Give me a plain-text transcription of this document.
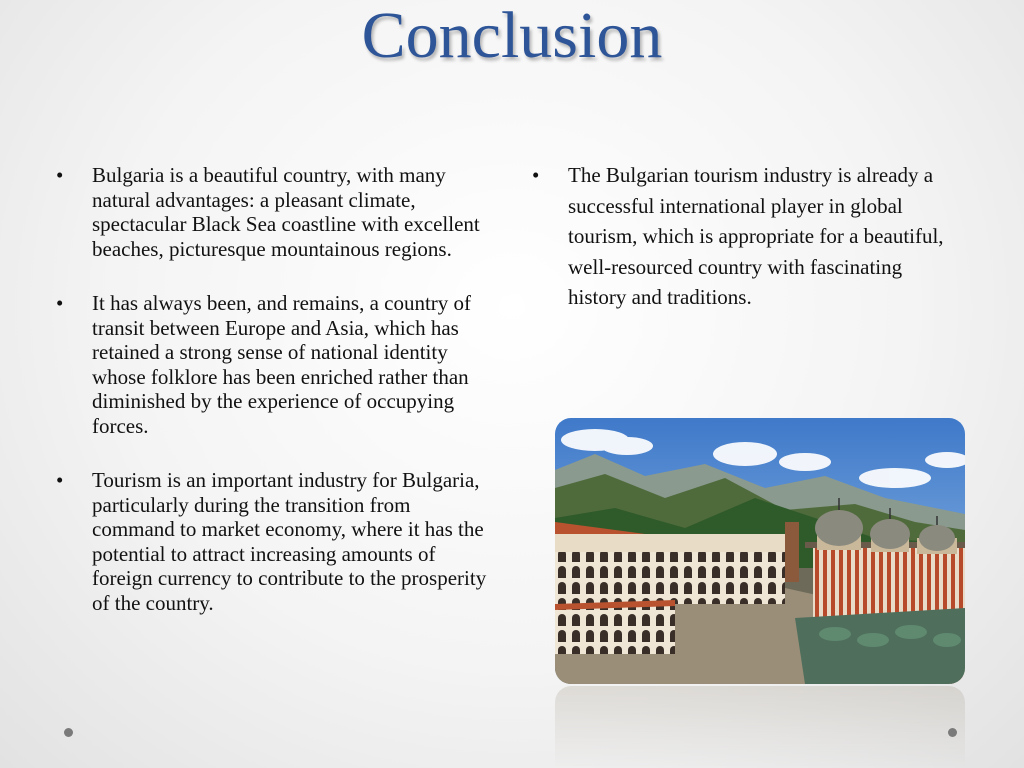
Conclusion
• Bulgaria is a beautiful country, with many natural advantages: a pleasant climate, spectacular Black Sea coastline with excellent beaches, picturesque mountainous regions.
• It has always been, and remains, a country of transit between Europe and Asia, which has retained a strong sense of national identity whose folklore has been enriched rather than diminished by the experience of occupying forces.
• Tourism is an important industry for Bulgaria, particularly during the transition from command to market economy, where it has the potential to attract increasing amounts of foreign currency to contribute to the prosperity of the country.
• The Bulgarian tourism industry is already a successful international player in global tourism, which is appropriate for a beautiful, well-resourced country with fascinating history and traditions.
